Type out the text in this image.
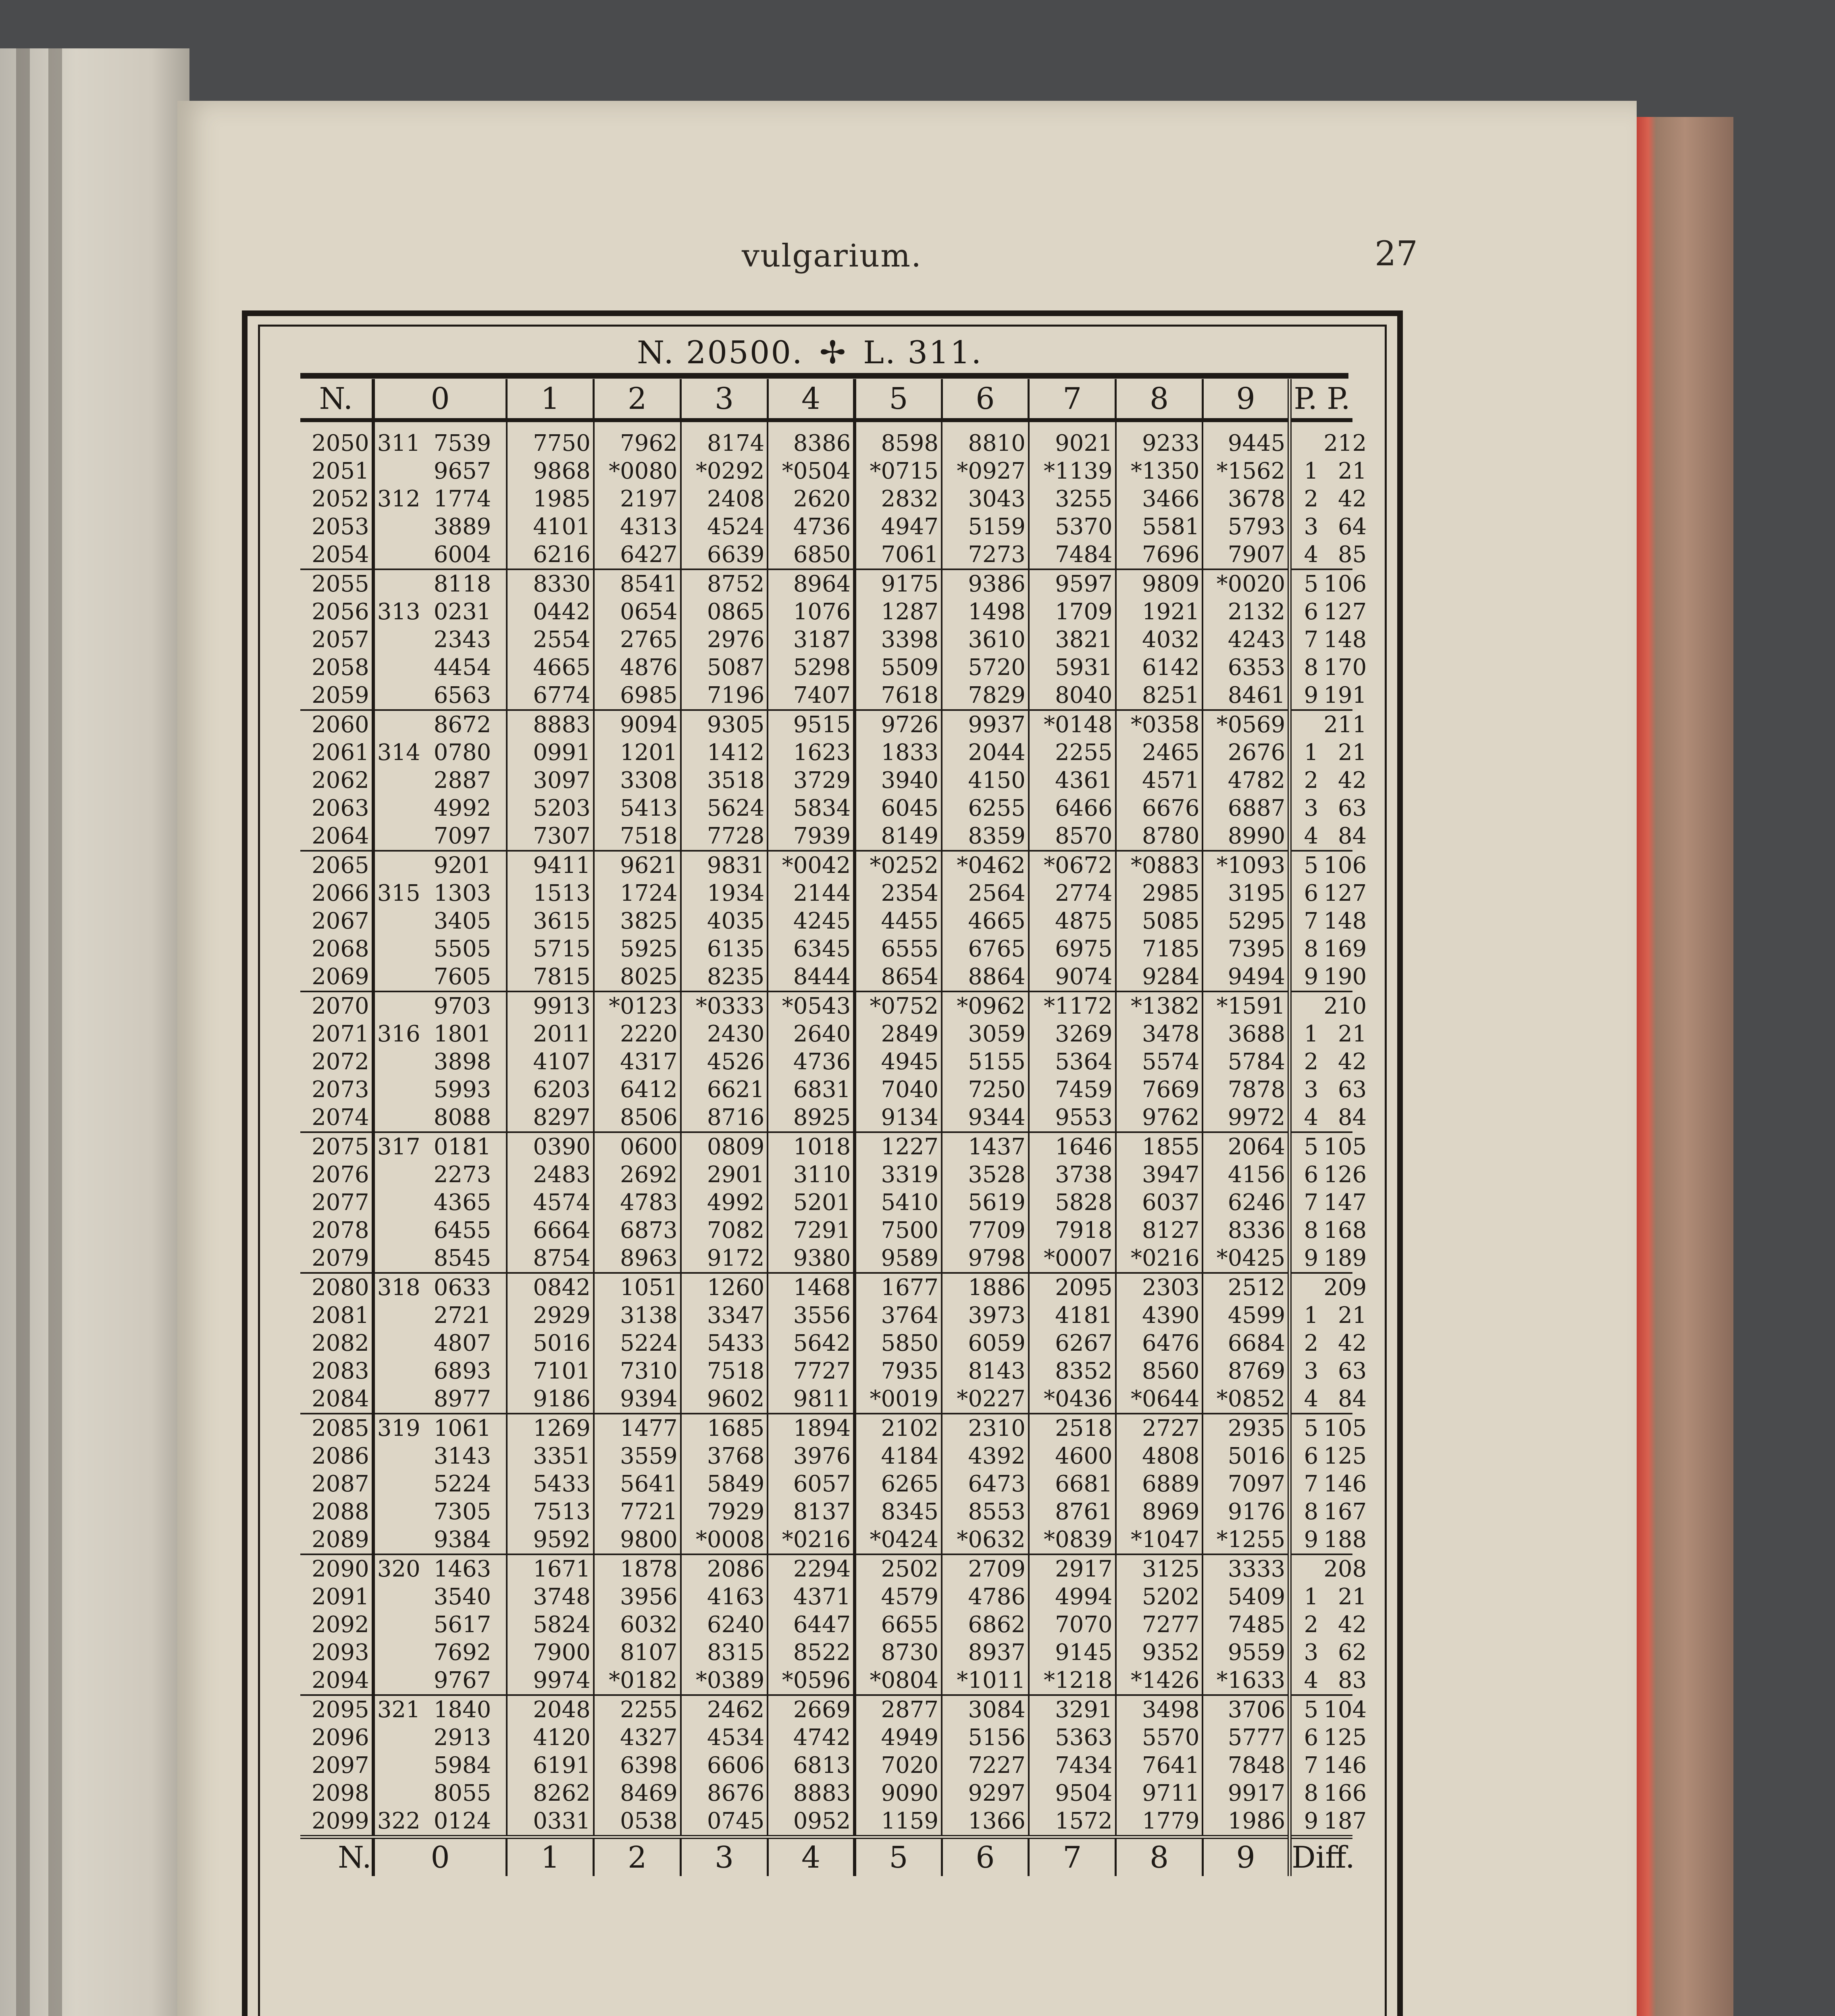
vulgarium.	27
N. 20500. ✢ L. 311.
N.	0	1	2	3	4	5	6	7	8	9	P. P.
2050	311 7539	7750	7962	8174	8386	8598	8810	9021	9233	9445	212
2051	9657	9868	*0080	*0292	*0504	*0715	*0927	*1139	*1350	*1562	1 21
2052	312 1774	1985	2197	2408	2620	2832	3043	3255	3466	3678	2 42
2053	3889	4101	4313	4524	4736	4947	5159	5370	5581	5793	3 64
2054	6004	6216	6427	6639	6850	7061	7273	7484	7696	7907	4 85
2055	8118	8330	8541	8752	8964	9175	9386	9597	9809	*0020	5 106
2056	313 0231	0442	0654	0865	1076	1287	1498	1709	1921	2132	6 127
2057	2343	2554	2765	2976	3187	3398	3610	3821	4032	4243	7 148
2058	4454	4665	4876	5087	5298	5509	5720	5931	6142	6353	8 170
2059	6563	6774	6985	7196	7407	7618	7829	8040	8251	8461	9 191
2060	8672	8883	9094	9305	9515	9726	9937	*0148	*0358	*0569	211
2061	314 0780	0991	1201	1412	1623	1833	2044	2255	2465	2676	1 21
2062	2887	3097	3308	3518	3729	3940	4150	4361	4571	4782	2 42
2063	4992	5203	5413	5624	5834	6045	6255	6466	6676	6887	3 63
2064	7097	7307	7518	7728	7939	8149	8359	8570	8780	8990	4 84
2065	9201	9411	9621	9831	*0042	*0252	*0462	*0672	*0883	*1093	5 106
2066	315 1303	1513	1724	1934	2144	2354	2564	2774	2985	3195	6 127
2067	3405	3615	3825	4035	4245	4455	4665	4875	5085	5295	7 148
2068	5505	5715	5925	6135	6345	6555	6765	6975	7185	7395	8 169
2069	7605	7815	8025	8235	8444	8654	8864	9074	9284	9494	9 190
2070	9703	9913	*0123	*0333	*0543	*0752	*0962	*1172	*1382	*1591	210
2071	316 1801	2011	2220	2430	2640	2849	3059	3269	3478	3688	1 21
2072	3898	4107	4317	4526	4736	4945	5155	5364	5574	5784	2 42
2073	5993	6203	6412	6621	6831	7040	7250	7459	7669	7878	3 63
2074	8088	8297	8506	8716	8925	9134	9344	9553	9762	9972	4 84
2075	317 0181	0390	0600	0809	1018	1227	1437	1646	1855	2064	5 105
2076	2273	2483	2692	2901	3110	3319	3528	3738	3947	4156	6 126
2077	4365	4574	4783	4992	5201	5410	5619	5828	6037	6246	7 147
2078	6455	6664	6873	7082	7291	7500	7709	7918	8127	8336	8 168
2079	8545	8754	8963	9172	9380	9589	9798	*0007	*0216	*0425	9 189
2080	318 0633	0842	1051	1260	1468	1677	1886	2095	2303	2512	209
2081	2721	2929	3138	3347	3556	3764	3973	4181	4390	4599	1 21
2082	4807	5016	5224	5433	5642	5850	6059	6267	6476	6684	2 42
2083	6893	7101	7310	7518	7727	7935	8143	8352	8560	8769	3 63
2084	8977	9186	9394	9602	9811	*0019	*0227	*0436	*0644	*0852	4 84
2085	319 1061	1269	1477	1685	1894	2102	2310	2518	2727	2935	5 105
2086	3143	3351	3559	3768	3976	4184	4392	4600	4808	5016	6 125
2087	5224	5433	5641	5849	6057	6265	6473	6681	6889	7097	7 146
2088	7305	7513	7721	7929	8137	8345	8553	8761	8969	9176	8 167
2089	9384	9592	9800	*0008	*0216	*0424	*0632	*0839	*1047	*1255	9 188
2090	320 1463	1671	1878	2086	2294	2502	2709	2917	3125	3333	208
2091	3540	3748	3956	4163	4371	4579	4786	4994	5202	5409	1 21
2092	5617	5824	6032	6240	6447	6655	6862	7070	7277	7485	2 42
2093	7692	7900	8107	8315	8522	8730	8937	9145	9352	9559	3 62
2094	9767	9974	*0182	*0389	*0596	*0804	*1011	*1218	*1426	*1633	4 83
2095	321 1840	2048	2255	2462	2669	2877	3084	3291	3498	3706	5 104
2096	2913	4120	4327	4534	4742	4949	5156	5363	5570	5777	6 125
2097	5984	6191	6398	6606	6813	7020	7227	7434	7641	7848	7 146
2098	8055	8262	8469	8676	8883	9090	9297	9504	9711	9917	8 166
2099	322 0124	0331	0538	0745	0952	1159	1366	1572	1779	1986	9 187
N.	0	1	2	3	4	5	6	7	8	9	Diff.
